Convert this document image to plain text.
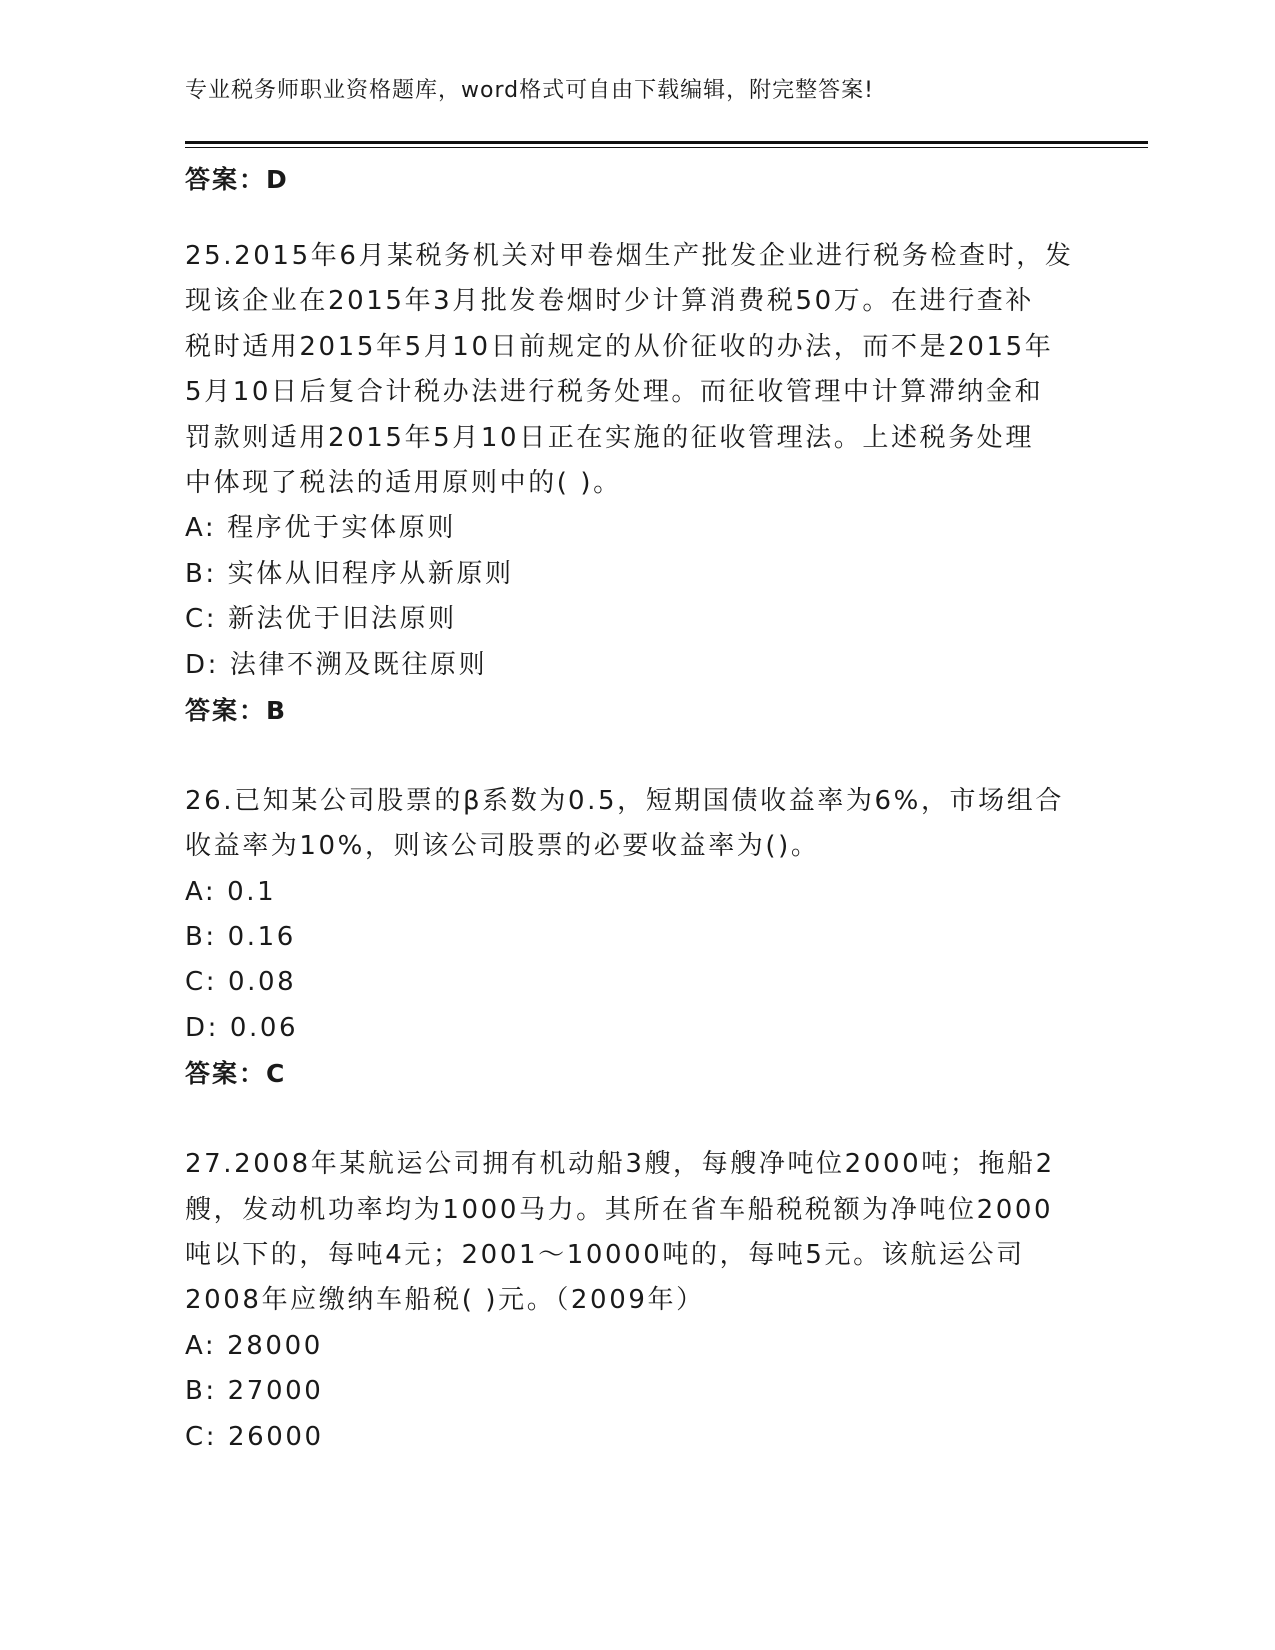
专业税务师职业资格题库，word格式可自由下载编辑，附完整答案!
答案：D
25.2015年6月某税务机关对甲卷烟生产批发企业进行税务检查时，发
现该企业在2015年3月批发卷烟时少计算消费税50万。在进行查补
税时适用2015年5月10日前规定的从价征收的办法，而不是2015年
5月10日后复合计税办法进行税务处理。而征收管理中计算滞纳金和
罚款则适用2015年5月10日正在实施的征收管理法。上述税务处理
中体现了税法的适用原则中的( )。
A: 程序优于实体原则
B: 实体从旧程序从新原则
C: 新法优于旧法原则
D: 法律不溯及既往原则
答案：B
26.已知某公司股票的β系数为0.5，短期国债收益率为6%，市场组合
收益率为10%，则该公司股票的必要收益率为()。
A: 0.1
B: 0.16
C: 0.08
D: 0.06
答案：C
27.2008年某航运公司拥有机动船3艘，每艘净吨位2000吨；拖船2
艘，发动机功率均为1000马力。其所在省车船税税额为净吨位2000
吨以下的，每吨4元；2001～10000吨的，每吨5元。该航运公司
2008年应缴纳车船税( )元。（2009年）
A: 28000
B: 27000
C: 26000
